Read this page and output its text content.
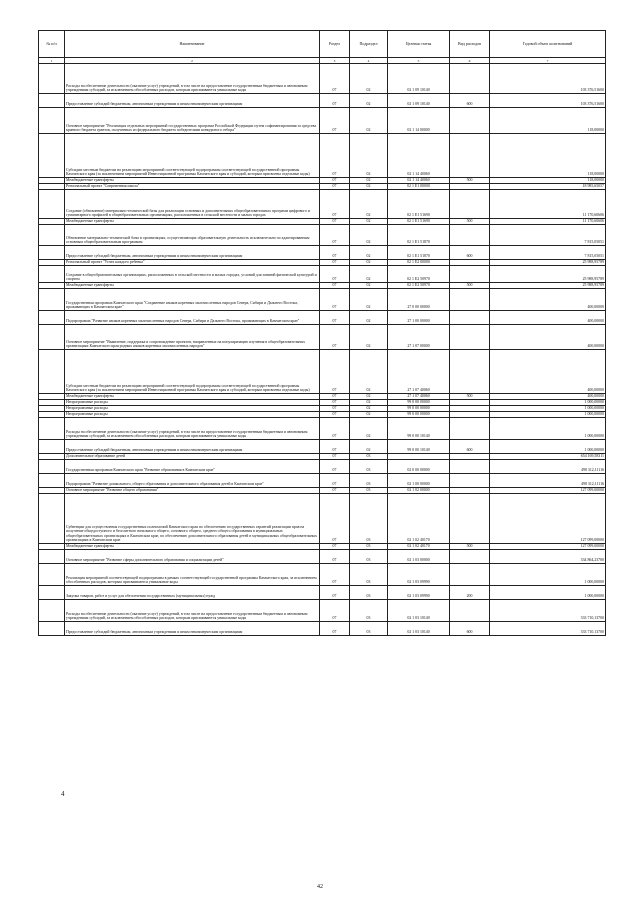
№ п/п	Наименование	Раздел	Подраздел	Целевая статья	Вид расходов	Годовой объем ассигнований
1	2	3	4	5	6	7
	Расходы на обеспечение деятельности (оказание услуг) учреждений, в том числе на предоставление государственным бюджетным и автономным учреждениям субсидий, за исключением обособленных расходов, которым присваиваются уникальные коды	07	02	02 1 09 10140		103 376,51600
	Предоставление субсидий бюджетным, автономным учреждениям и иным некоммерческим организациям	07	02	02 1 09 10140	600	103 376,51600
	Основное мероприятие "Реализация отдельных мероприятий государственных программ Российской Федерации путем софинансирования за средства краевого бюджета грантов, полученных из федерального бюджета победителями конкурсного отбора"	07	02	02 1 14 00000		118,00000
	Субсидии местным бюджетам на реализацию мероприятий соответствующей подпрограммы соответствующей государственной программы Камчатского края (за исключением мероприятий Инвестиционной программы Камчатского края и субсидий, которым присвоены отдельные коды)	07	02	02 1 14 40060		118,00000
	Межбюджетные трансферты	07	02	02 1 14 40060	500	118,00000
	Региональный проект "Современная школа"	07	02	02 1 E1 00000		18 985,65057
	Создание (обновление) материально-технической базы для реализации основных и дополнительных общеобразовательных программ цифрового и гуманитарного профилей в общеобразовательных организациях, расположенных в сельской местности и малых городах	07	02	02 1 E1 51690		11 170,60606
	Межбюджетные трансферты	07	02	02 1 E1 51690	500	11 170,60606
	Обновление материально-технической базы в организациях, осуществляющих образовательную деятельность исключительно по адаптированным основным общеобразовательным программам	07	02	02 1 E1 51870		7 815,05051
	Предоставление субсидий бюджетным, автономным учреждениям и иным некоммерческим организациям	07	02	02 1 E1 51870	600	7 815,05051
	Региональный проект "Успех каждого ребенка"	07	02	02 1 E2 00000		25 988,95789
	Создание в общеобразовательных организациях, расположенных в сельской местности и малых городах, условий для занятий физической культурой и спортом	07	02	02 1 E2 50970		25 988,95789
	Межбюджетные трансферты	07	02	02 1 E2 50970	500	25 988,95789
	Государственная программа Камчатского края "Сохранение языков коренных малочисленных народов Севера, Сибири и Дальнего Востока, проживающих в Камчатском крае"	07	02	27 0 00 00000		400,00000
	Подпрограмма "Развитие языков коренных малочисленных народов Севера, Сибири и Дальнего Востока, проживающих в Камчатском крае"	07	02	27 1 00 00000		400,00000
	Основное мероприятие "Выявление, поддержка и сопровождение проектов, направленных на популяризацию изучения в общеобразовательных организациях Камчатского края родных языков коренных малочисленных народов"	07	02	27 1 07 00000		400,00000
	Субсидии местным бюджетам на реализацию мероприятий соответствующей подпрограммы соответствующей государственной программы Камчатского края (за исключением мероприятий Инвестиционной программы Камчатского края и субсидий, которым присвоены отдельные коды)	07	02	27 1 07 40060		400,00000
	Межбюджетные трансферты	07	02	27 1 07 40060	500	400,00000
	Непрограммные расходы	07	02	99 0 00 00000		1 000,00000
	Непрограммные расходы	07	02	99 0 00 00000		1 000,00000
	Непрограммные расходы	07	02	99 0 00 00000		1 000,00000
	Расходы на обеспечение деятельности (оказание услуг) учреждений, в том числе на предоставление государственным бюджетным и автономным учреждениям субсидий, за исключением обособленных расходов, которым присваиваются уникальные коды	07	02	99 0 00 10140		1 000,00000
	Предоставление субсидий бюджетным, автономным учреждениям и иным некоммерческим организациям	07	02	99 0 00 10140	600	1 000,00000
	Дополнительное образование детей	07	03			654 169,58311
	Государственная программа Камчатского края "Развитие образования в Камчатском крае"	07	03	02 0 00 00000		498 312,11116
	Подпрограмма "Развитие дошкольного, общего образования и дополнительного образования детей в Камчатском крае"	07	03	02 1 00 00000		498 312,11116
	Основное мероприятие "Развитие общего образования"	07	03	02 1 02 00000		127 099,00000
	Субвенции для осуществления государственных полномочий Камчатского края по обеспечению государственных гарантий реализации прав на получение общедоступного и бесплатного начального общего, основного общего, среднего общего образования в муниципальных общеобразовательных организациях в Камчатском крае, по обеспечению дополнительного образования детей в муниципальных общеобразовательных организациях в Камчатском крае	07	03	02 1 02 40170		127 099,00000
	Межбюджетные трансферты	07	03	02 1 02 40170	500	127 099,00000
	Основное мероприятие "Развитие сферы дополнительного образования и социализации детей"	07	03	02 1 03 00000		334 864,23700
	Реализация мероприятий соответствующей подпрограммы в рамках соответствующей государственной программы Камчатского края, за исключением обособленных расходов, которым присваиваются уникальные коды	07	03	02 1 03 09990		1 000,00000
	Закупка товаров, работ и услуг для обеспечения государственных (муниципальных) нужд	07	03	02 1 03 09990	200	1 000,00000
	Расходы на обеспечение деятельности (оказание услуг) учреждений, в том числе на предоставление государственным бюджетным и автономным учреждениям субсидий, за исключением обособленных расходов, которым присваиваются уникальные коды	07	03	02 1 03 10140		333 710,13700
	Предоставление субсидий бюджетным, автономным учреждениям и иным некоммерческим организациям	07	03	02 1 03 10140	600	333 710,13700
4
42
